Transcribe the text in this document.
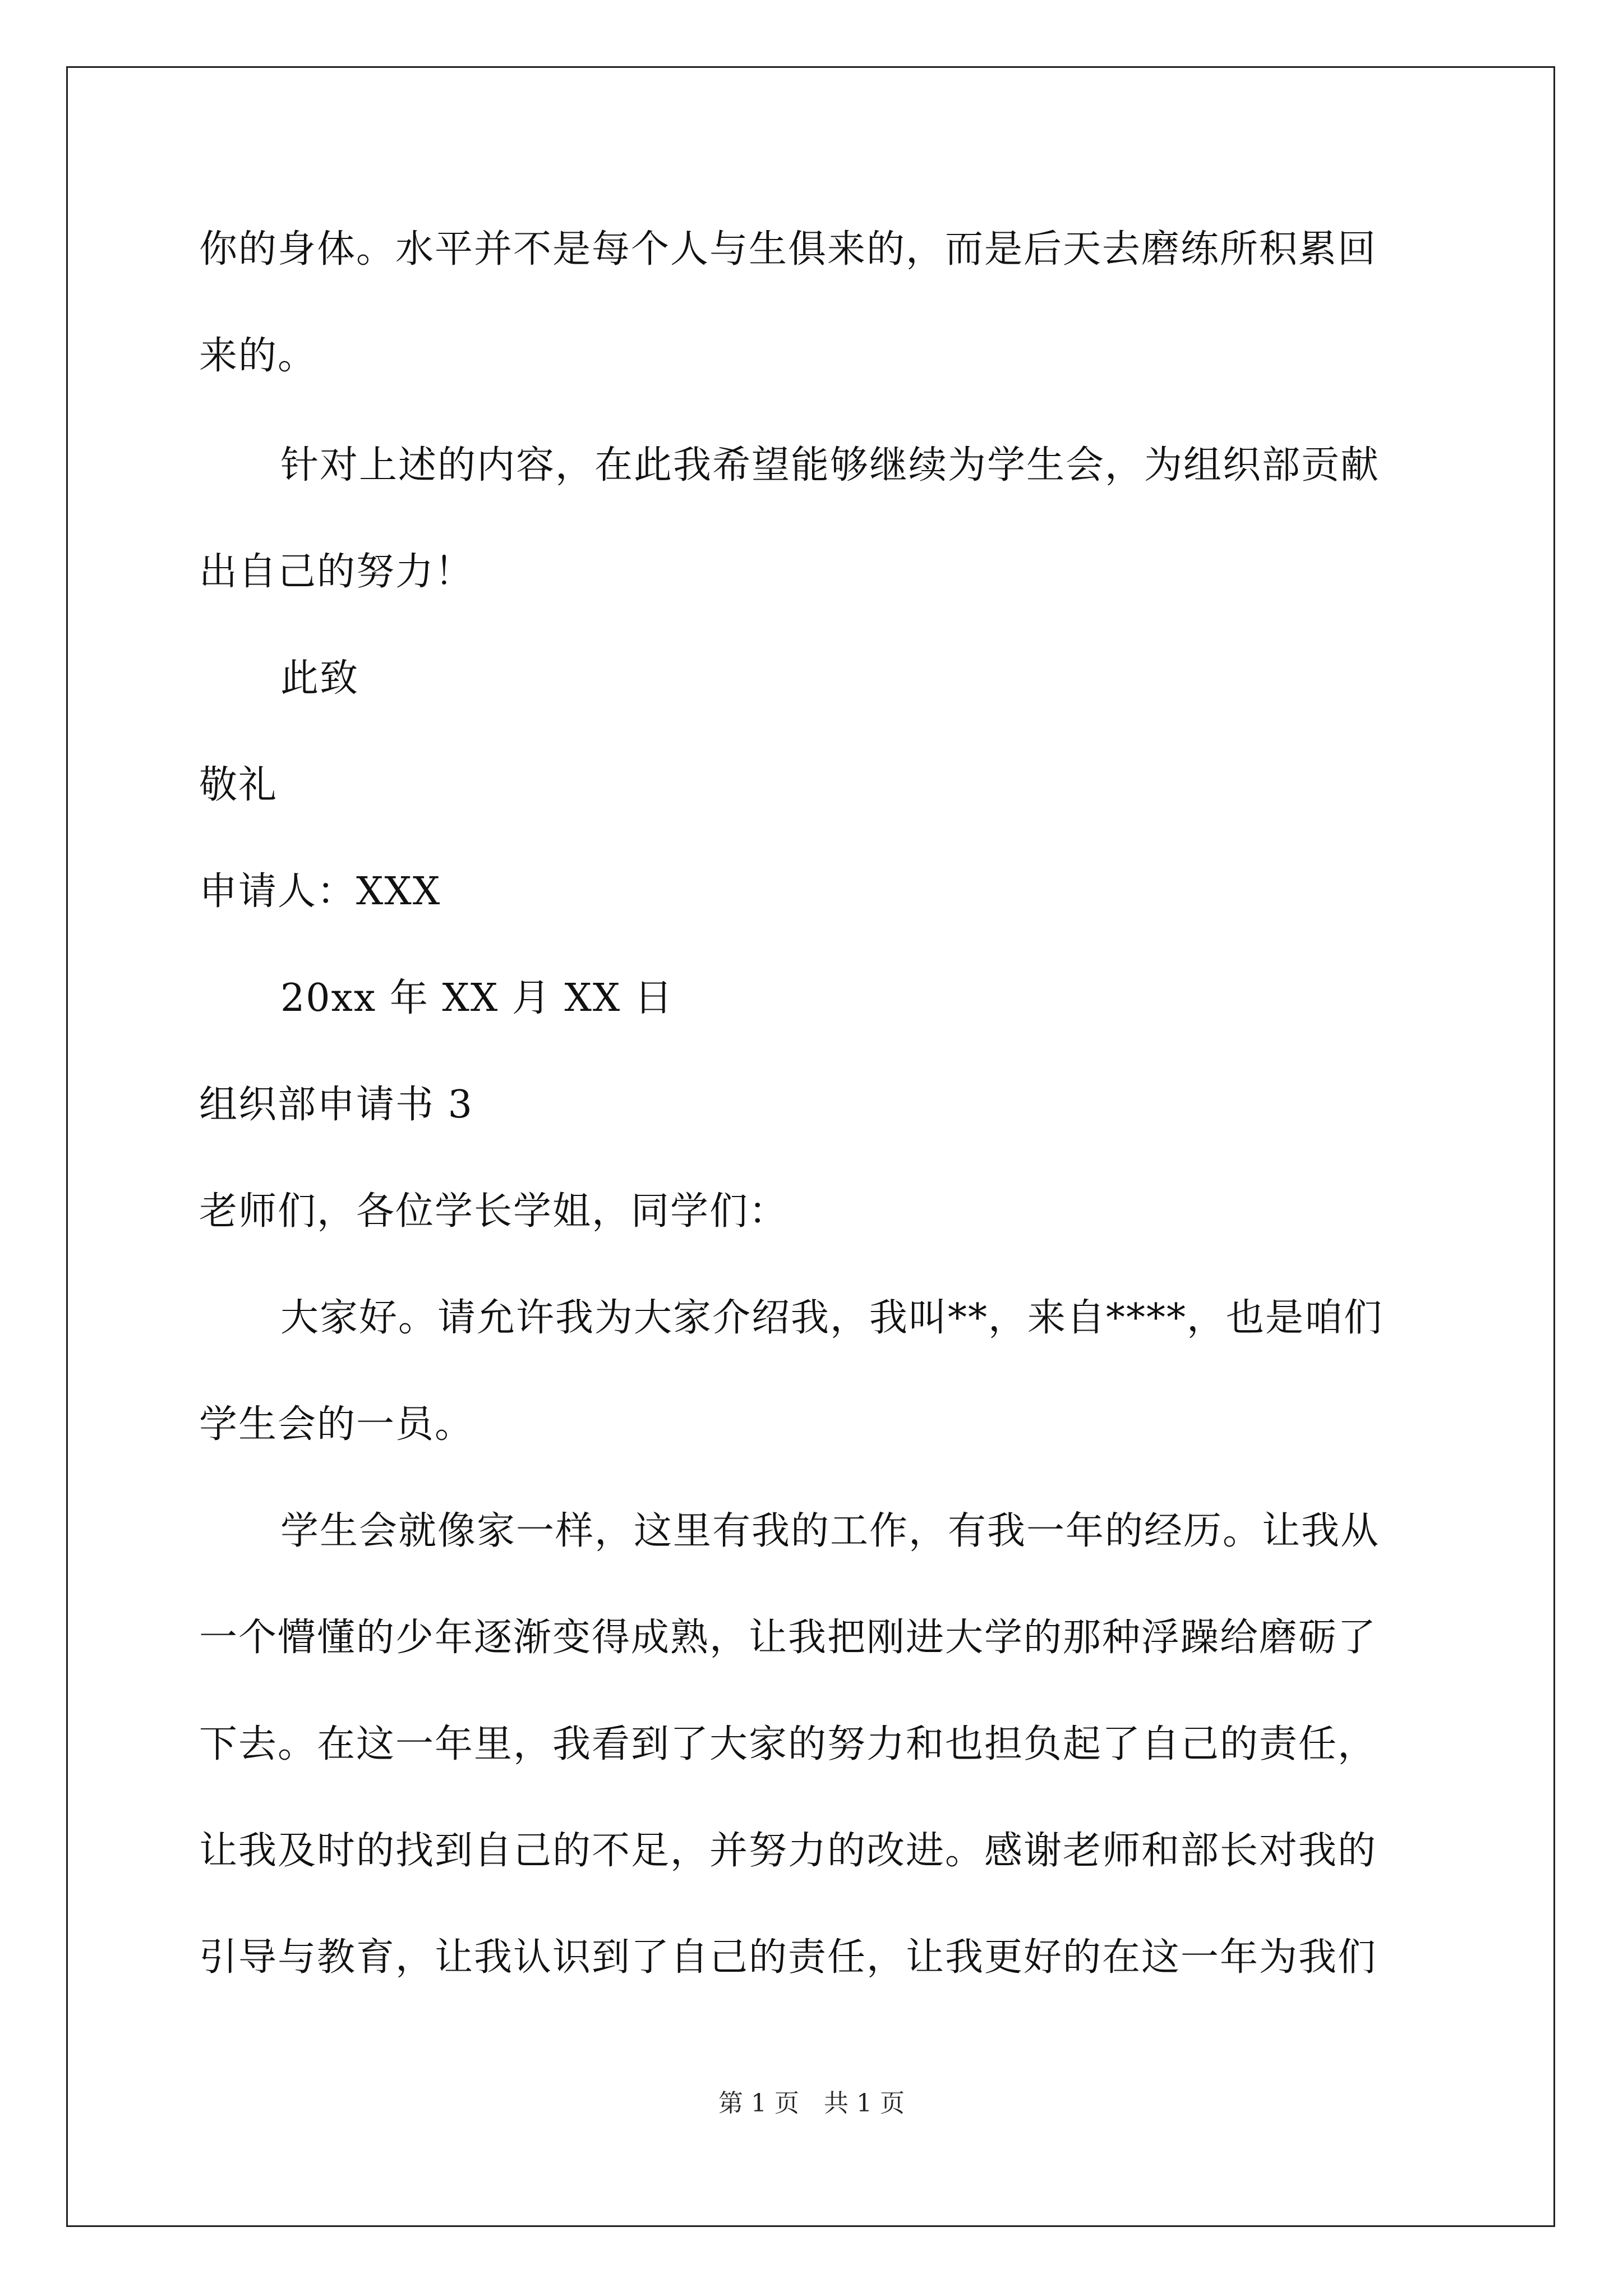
你的身体。水平并不是每个人与生俱来的，而是后天去磨练所积累回
来的。
针对上述的内容，在此我希望能够继续为学生会，为组织部贡献
出自己的努力！
此致
敬礼
申请人：XXX
20xx 年 XX 月 XX 日
组织部申请书 3
老师们，各位学长学姐，同学们：
大家好。请允许我为大家介绍我，我叫**，来自****，也是咱们
学生会的一员。
学生会就像家一样，这里有我的工作，有我一年的经历。让我从
一个懵懂的少年逐渐变得成熟，让我把刚进大学的那种浮躁给磨砺了
下去。在这一年里，我看到了大家的努力和也担负起了自己的责任，
让我及时的找到自己的不足，并努力的改进。感谢老师和部长对我的
引导与教育，让我认识到了自己的责任，让我更好的在这一年为我们
第 1 页　共 1 页
